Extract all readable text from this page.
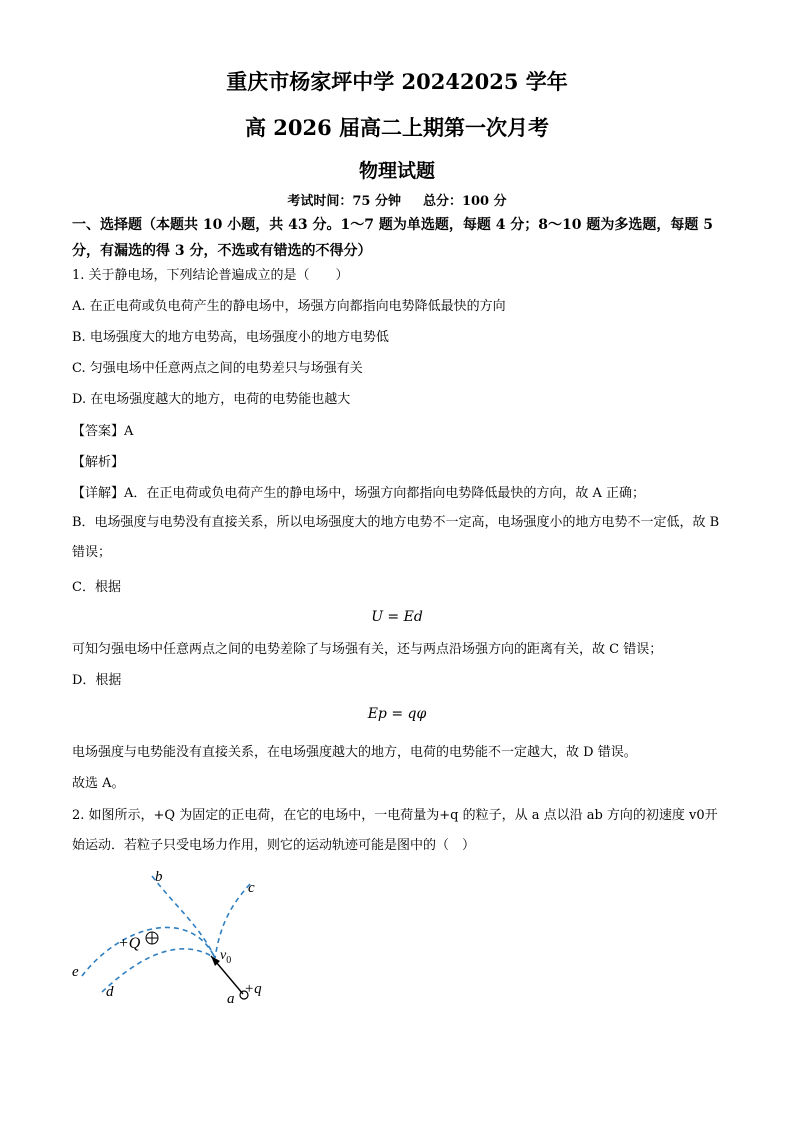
重庆市杨家坪中学 20242025 学年
高 2026 届高二上期第一次月考
物理试题
考试时间：75 分钟 总分：100 分
一、选择题（本题共 10 小题，共 43 分。1～7 题为单选题，每题 4 分；8～10 题为多选题，每题 5 分，有漏选的得 3 分，不选或有错选的不得分）
1. 关于静电场，下列结论普遍成立的是（　　）
A. 在正电荷或负电荷产生的静电场中，场强方向都指向电势降低最快的方向
B. 电场强度大的地方电势高，电场强度小的地方电势低
C. 匀强电场中任意两点之间的电势差只与场强有关
D. 在电场强度越大的地方，电荷的电势能也越大
【答案】A
【解析】
【详解】A．在正电荷或负电荷产生的静电场中，场强方向都指向电势降低最快的方向，故 A 正确；
B．电场强度与电势没有直接关系，所以电场强度大的地方电势不一定高，电场强度小的地方电势不一定低，故 B 错误；
C．根据
U = Ed
可知匀强电场中任意两点之间的电势差除了与场强有关，还与两点沿场强方向的距离有关，故 C 错误；
D．根据
Ep = qφ
电场强度与电势能没有直接关系，在电场强度越大的地方，电荷的电势能不一定越大，故 D 错误。
故选 A。
2. 如图所示，+Q 为固定的正电荷，在它的电场中，一电荷量为+q 的粒子，从 a 点以沿 ab 方向的初速度 v0开始运动．若粒子只受电场力作用，则它的运动轨迹可能是图中的（　）
b
c
e
d
+Q
$v_0$
a
+q
